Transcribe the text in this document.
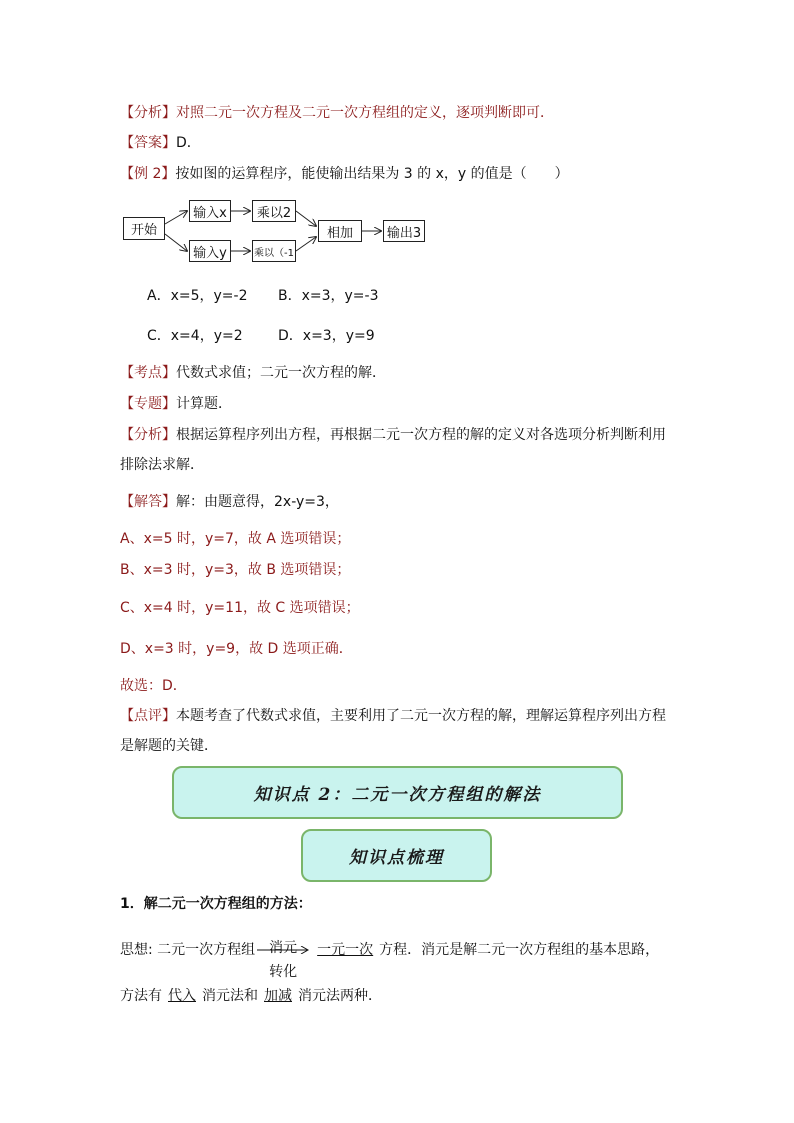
【分析】对照二元一次方程及二元一次方程组的定义，逐项判断即可．
【答案】D．
【例 2】按如图的运算程序，能使输出结果为 3 的 x，y 的值是（　　）
开始
输入x	乘以2
输入y	乘以（-1
相加	输出3
A．x=5，y=-2 B．x=3，y=-3
C．x=4，y=2	D．x=3，y=9
【考点】代数式求值；二元一次方程的解．
【专题】计算题．
【分析】根据运算程序列出方程，再根据二元一次方程的解的定义对各选项分析判断利用
排除法求解．
【解答】解：由题意得，2x-y=3，
A、x=5 时，y=7，故 A 选项错误；
B、x=3 时，y=3，故 B 选项错误；
C、x=4 时，y=11，故 C 选项错误；
D、x=3 时，y=9，故 D 选项正确．
故选：D．
【点评】本题考查了代数式求值，主要利用了二元一次方程的解，理解运算程序列出方程
是解题的关键．
知识点 2：二元一次方程组的解法
知识点梳理
1．解二元一次方程组的方法：
思想: 二元一次方程组	消元
转化
一元一次 方程．消元是解二元一次方程组的基本思路，
方法有 代入 消元法和 加减 消元法两种．
